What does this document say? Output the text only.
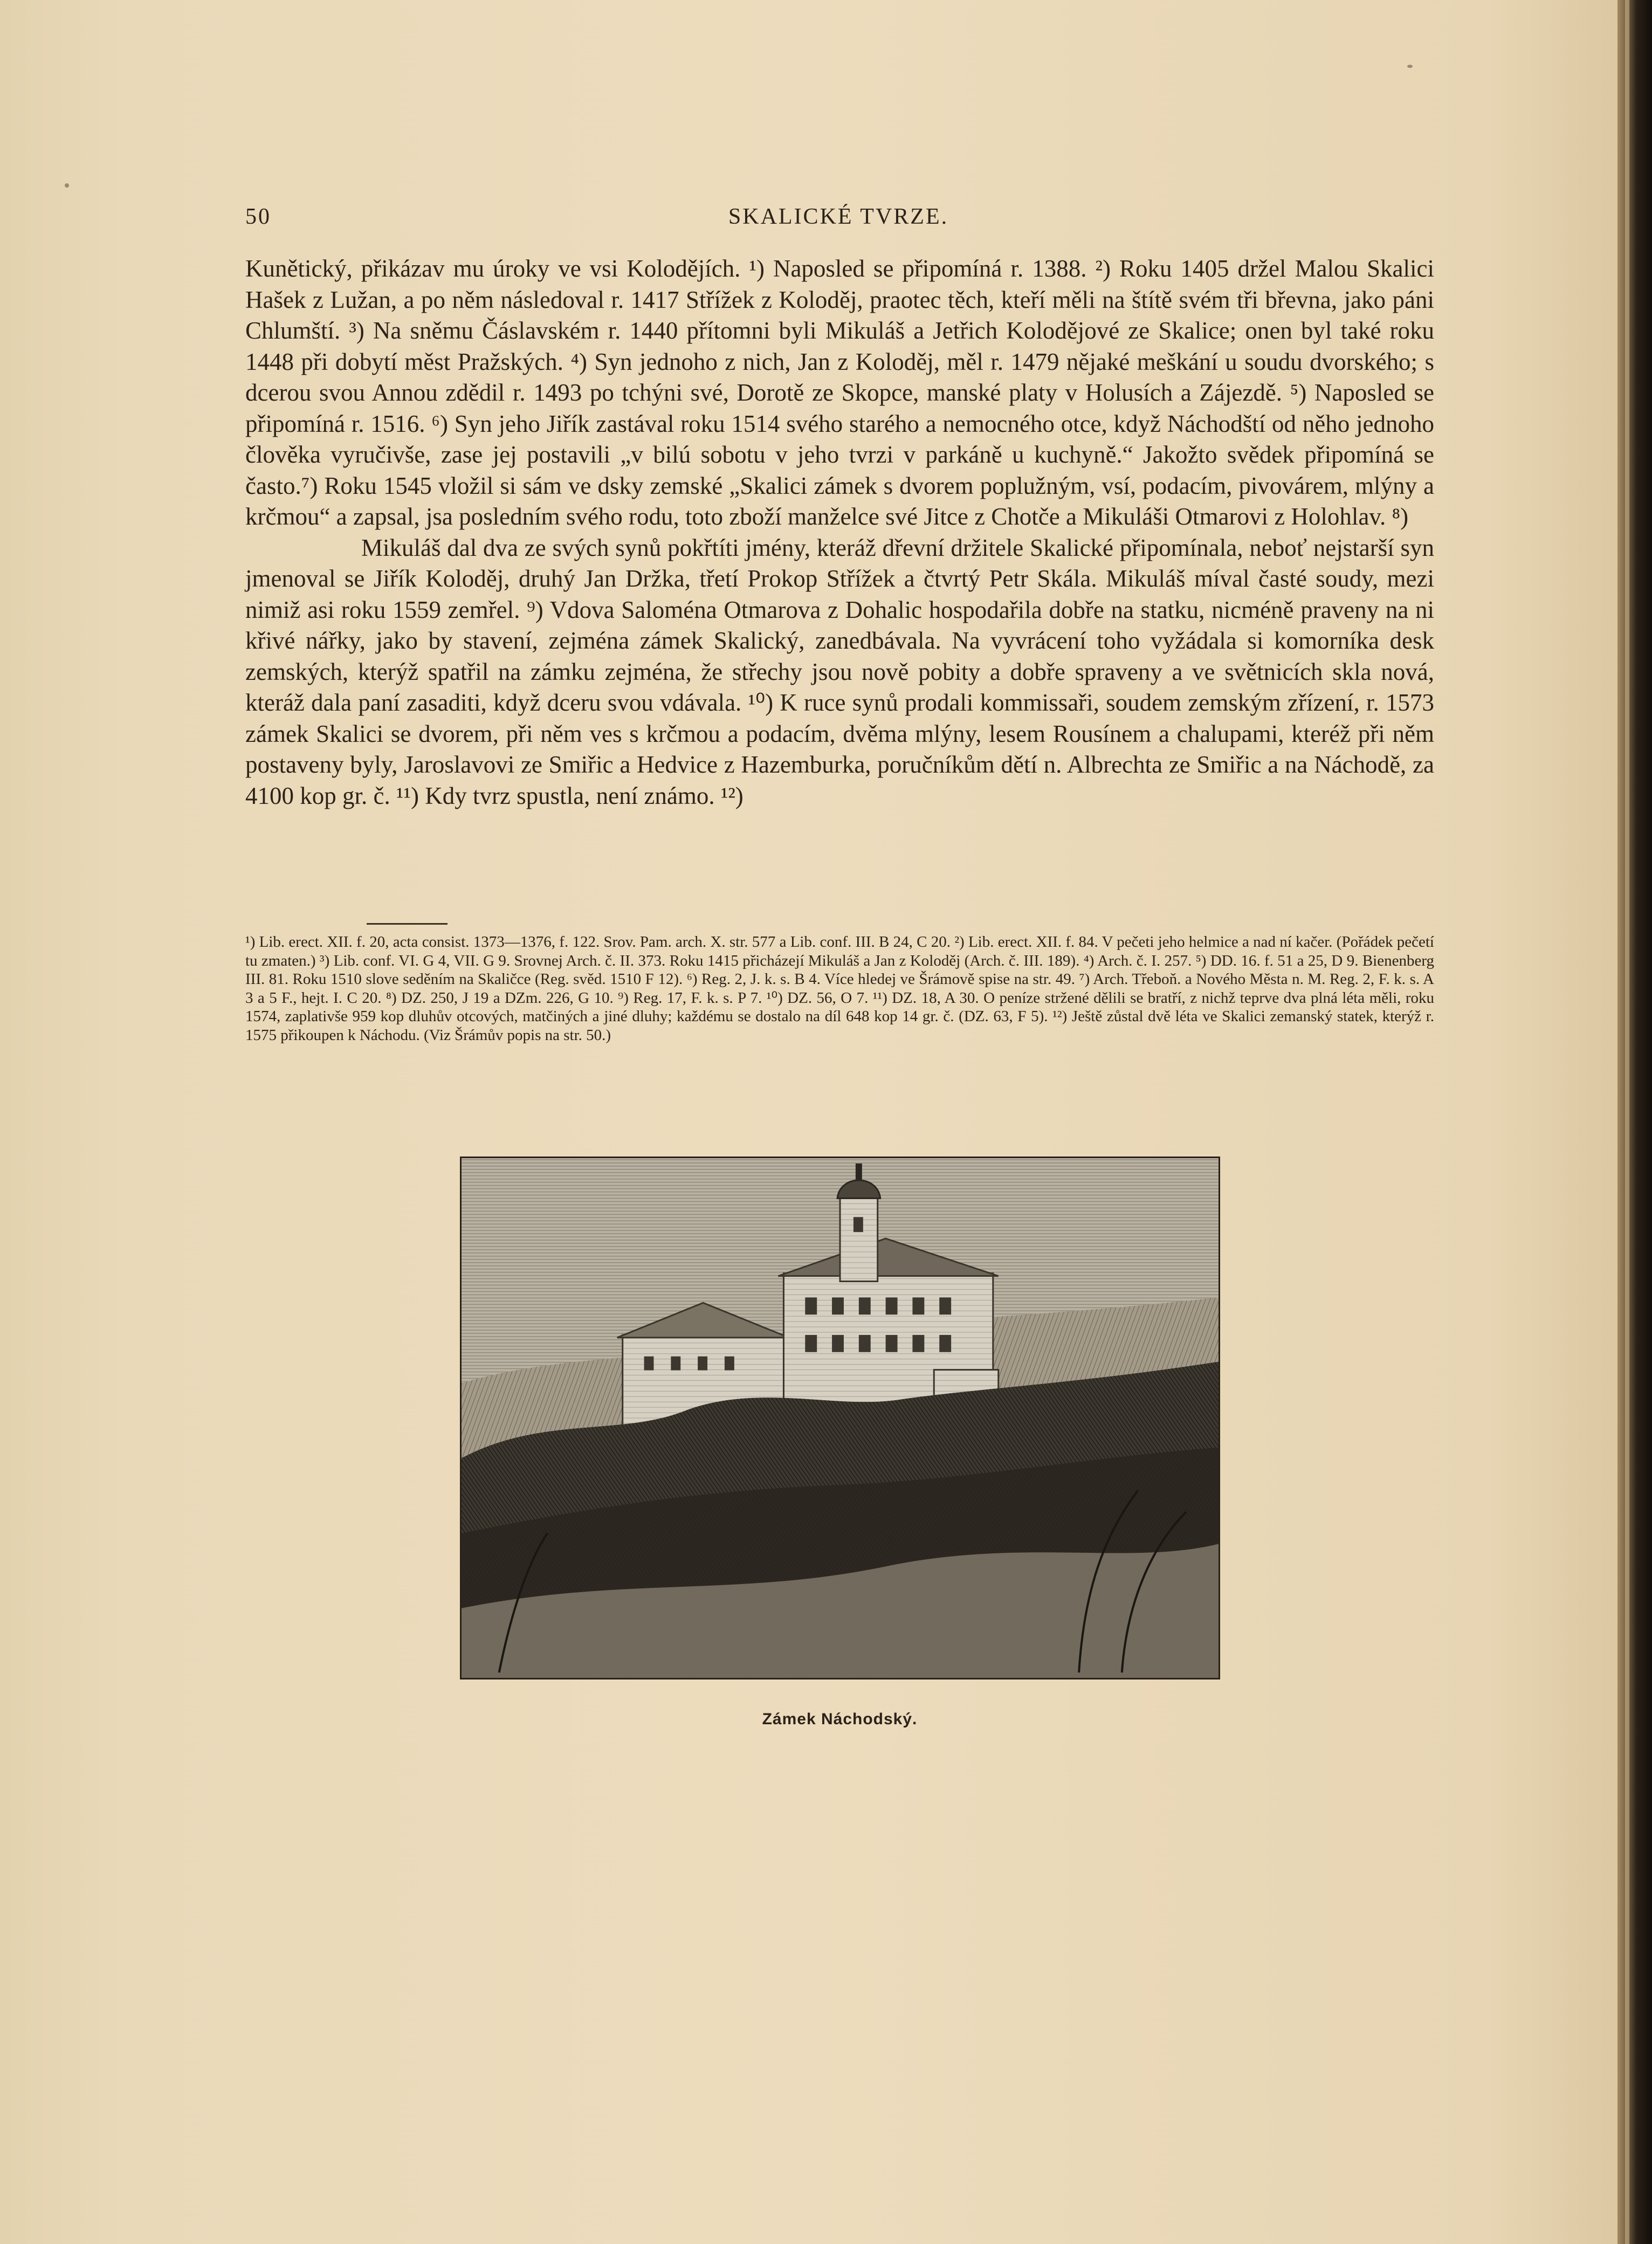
50	SKALICKÉ TVRZE.

Kunětický, přikázav mu úroky ve vsi Kolodějích. ¹) Naposled se připomíná r. 1388. ²) Roku 1405 držel Malou Skalici Hašek z Lužan, a po něm následoval r. 1417 Střížek z Koloděj, praotec těch, kteří měli na štítě svém tři břevna, jako páni Chlumští. ³) Na sněmu Čáslavském r. 1440 přítomni byli Mikuláš a Jetřich Kolodějové ze Skalice; onen byl také roku 1448 při dobytí měst Pražských. ⁴) Syn jednoho z nich, Jan z Koloděj, měl r. 1479 nějaké meškání u soudu dvorského; s dcerou svou Annou zdědil r. 1493 po tchýni své, Dorotě ze Skopce, manské platy v Holusích a Zájezdě. ⁵) Naposled se připomíná r. 1516. ⁶) Syn jeho Jiřík zastával roku 1514 svého starého a nemocného otce, když Náchodští od něho jednoho člověka vyručivše, zase jej postavili „v bilú sobotu v jeho tvrzi v parkáně u kuchyně.“ Jakožto svědek připomíná se často.⁷) Roku 1545 vložil si sám ve dsky zemské „Skalici zámek s dvorem poplužným, vsí, podacím, pivovárem, mlýny a krčmou“ a zapsal, jsa posledním svého rodu, toto zboží manželce své Jitce z Chotče a Mikuláši Otmarovi z Holohlav. ⁸)

Mikuláš dal dva ze svých synů pokřtíti jmény, kteráž dřevní držitele Skalické připomínala, neboť nejstarší syn jmenoval se Jiřík Koloděj, druhý Jan Držka, třetí Prokop Střížek a čtvrtý Petr Skála. Mikuláš míval časté soudy, mezi nimiž asi roku 1559 zemřel. ⁹) Vdova Saloména Otmarova z Dohalic hospodařila dobře na statku, nicméně praveny na ni křivé nářky, jako by stavení, zejména zámek Skalický, zanedbávala. Na vyvrácení toho vyžádala si komorníka desk zemských, kterýž spatřil na zámku zejména, že střechy jsou nově pobity a dobře spraveny a ve světnicích skla nová, kteráž dala paní zasaditi, když dceru svou vdávala. ¹⁰) K ruce synů prodali kommissaři, soudem zemským zřízení, r. 1573 zámek Skalici se dvorem, při něm ves s krčmou a podacím, dvěma mlýny, lesem Rousínem a chalupami, kteréž při něm postaveny byly, Jaroslavovi ze Smiřic a Hedvice z Hazemburka, poručníkům dětí n. Albrechta ze Smiřic a na Náchodě, za 4100 kop gr. č. ¹¹) Kdy tvrz spustla, není známo. ¹²)

¹) Lib. erect. XII. f. 20, acta consist. 1373—1376, f. 122. Srov. Pam. arch. X. str. 577 a Lib. conf. III. B 24, C 20. ²) Lib. erect. XII. f. 84. V pečeti jeho helmice a nad ní kačer. (Pořádek pečetí tu zmaten.) ³) Lib. conf. VI. G 4, VII. G 9. Srovnej Arch. č. II. 373. Roku 1415 přicházejí Mikuláš a Jan z Koloděj (Arch. č. III. 189). ⁴) Arch. č. I. 257. ⁵) DD. 16. f. 51 a 25, D 9. Bienenberg III. 81. Roku 1510 slove seděním na Skaličce (Reg. svěd. 1510 F 12). ⁶) Reg. 2, J. k. s. B 4. Více hledej ve Šrámově spise na str. 49. ⁷) Arch. Třeboň. a Nového Města n. M. Reg. 2, F. k. s. A 3 a 5 F., hejt. I. C 20. ⁸) DZ. 250, J 19 a DZm. 226, G 10. ⁹) Reg. 17, F. k. s. P 7. ¹⁰) DZ. 56, O 7. ¹¹) DZ. 18, A 30. O peníze stržené dělili se bratří, z nichž teprve dva plná léta měli, roku 1574, zaplativše 959 kop dluhův otcových, matčiných a jiné dluhy; každému se dostalo na díl 648 kop 14 gr. č. (DZ. 63, F 5). ¹²) Ještě zůstal dvě léta ve Skalici zemanský statek, kterýž r. 1575 přikoupen k Náchodu. (Viz Šrámův popis na str. 50.)

Zámek Náchodský.
